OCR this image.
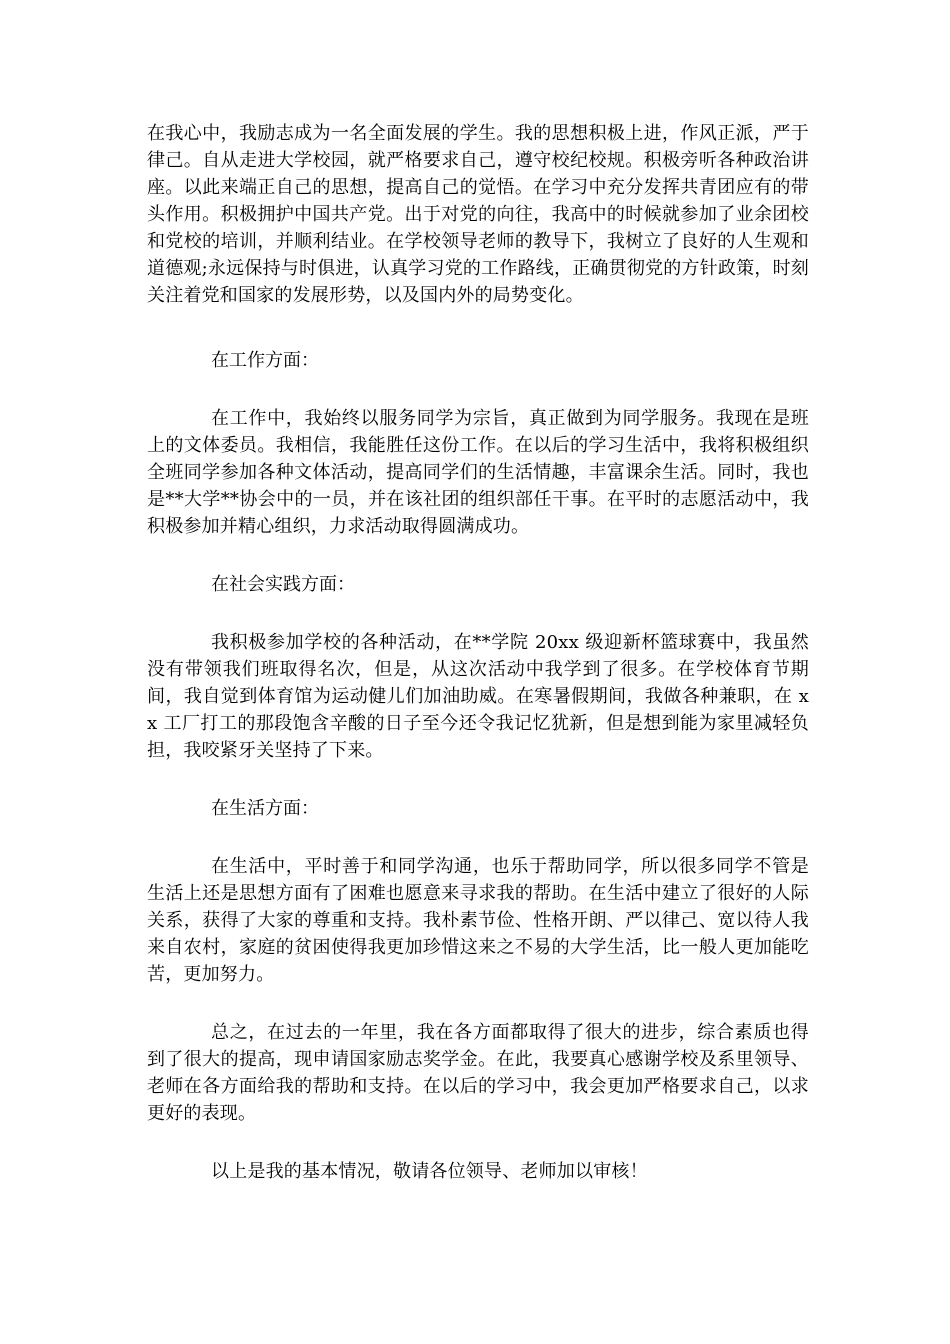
在我心中，我励志成为一名全面发展的学生。我的思想积极上进，作风正派，严于律己。自从走进大学校园，就严格要求自己，遵守校纪校规。积极旁听各种政治讲座。以此来端正自己的思想，提高自己的觉悟。在学习中充分发挥共青团应有的带头作用。积极拥护中国共产党。出于对党的向往，我高中的时候就参加了业余团校和党校的培训，并顺利结业。在学校领导老师的教导下，我树立了良好的人生观和道德观;永远保持与时俱进，认真学习党的工作路线，正确贯彻党的方针政策，时刻关注着党和国家的发展形势，以及国内外的局势变化。

在工作方面：

在工作中，我始终以服务同学为宗旨，真正做到为同学服务。我现在是班上的文体委员。我相信，我能胜任这份工作。在以后的学习生活中，我将积极组织全班同学参加各种文体活动，提高同学们的生活情趣，丰富课余生活。同时，我也是**大学**协会中的一员，并在该社团的组织部任干事。在平时的志愿活动中，我积极参加并精心组织，力求活动取得圆满成功。

在社会实践方面：

我积极参加学校的各种活动，在**学院 20xx 级迎新杯篮球赛中，我虽然没有带领我们班取得名次，但是，从这次活动中我学到了很多。在学校体育节期间，我自觉到体育馆为运动健儿们加油助威。在寒暑假期间，我做各种兼职，在 xx 工厂打工的那段饱含辛酸的日子至今还令我记忆犹新，但是想到能为家里减轻负担，我咬紧牙关坚持了下来。

在生活方面：

在生活中，平时善于和同学沟通，也乐于帮助同学，所以很多同学不管是生活上还是思想方面有了困难也愿意来寻求我的帮助。在生活中建立了很好的人际关系，获得了大家的尊重和支持。我朴素节俭、性格开朗、严以律己、宽以待人我来自农村，家庭的贫困使得我更加珍惜这来之不易的大学生活，比一般人更加能吃苦，更加努力。

总之，在过去的一年里，我在各方面都取得了很大的进步，综合素质也得到了很大的提高，现申请国家励志奖学金。在此，我要真心感谢学校及系里领导、老师在各方面给我的帮助和支持。在以后的学习中，我会更加严格要求自己，以求更好的表现。

以上是我的基本情况，敬请各位领导、老师加以审核！
